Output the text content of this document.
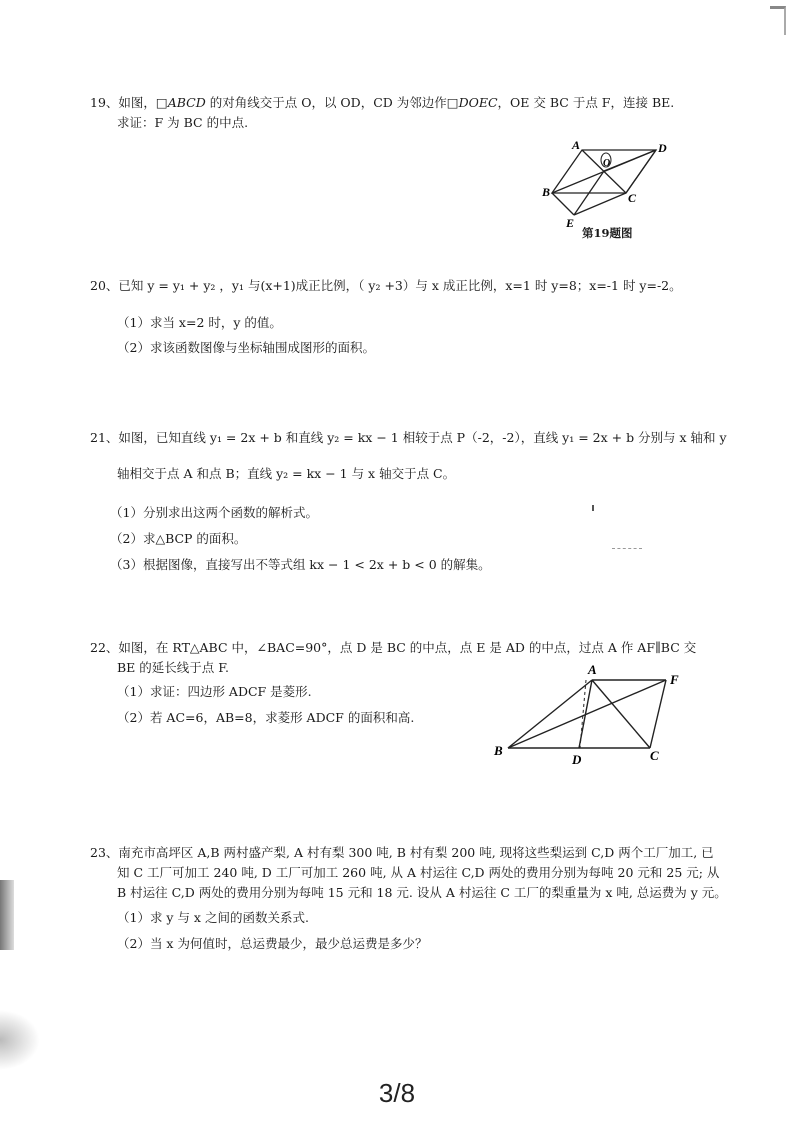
19、如图，□ABCD 的对角线交于点 O，以 OD，CD 为邻边作□DOEC，OE 交 BC 于点 F，连接 BE.
求证：F 为 BC 的中点.
A	D
O
B	C
E
第19题图
20、已知 y = y₁ + y₂ ，y₁ 与(x+1)成正比例，（ y₂ +3）与 x 成正比例，x=1 时 y=8；x=-1 时 y=-2。
（1）求当 x=2 时，y 的值。
（2）求该函数图像与坐标轴围成图形的面积。
21、如图，已知直线 y₁ = 2x + b 和直线 y₂ = kx − 1 相较于点 P（-2，-2），直线 y₁ = 2x + b 分别与 x 轴和 y
轴相交于点 A 和点 B；直线 y₂ = kx − 1 与 x 轴交于点 C。
（1）分别求出这两个函数的解析式。
（2）求△BCP 的面积。
（3）根据图像，直接写出不等式组 kx − 1 < 2x + b < 0 的解集。
22、如图，在 RT△ABC 中，∠BAC=90°，点 D 是 BC 的中点，点 E 是 AD 的中点，过点 A 作 AF∥BC 交
BE 的延长线于点 F.
（1）求证：四边形 ADCF 是菱形.
（2）若 AC=6，AB=8，求菱形 ADCF 的面积和高.
A
F
B
D	C
23、南充市高坪区 A,B 两村盛产梨, A 村有梨 300 吨, B 村有梨 200 吨, 现将这些梨运到 C,D 两个工厂加工, 已
知 C 工厂可加工 240 吨, D 工厂可加工 260 吨, 从 A 村运往 C,D 两处的费用分别为每吨 20 元和 25 元; 从
B 村运往 C,D 两处的费用分别为每吨 15 元和 18 元. 设从 A 村运往 C 工厂的梨重量为 x 吨, 总运费为 y 元。
（1）求 y 与 x 之间的函数关系式.
（2）当 x 为何值时，总运费最少，最少总运费是多少？
3/8
